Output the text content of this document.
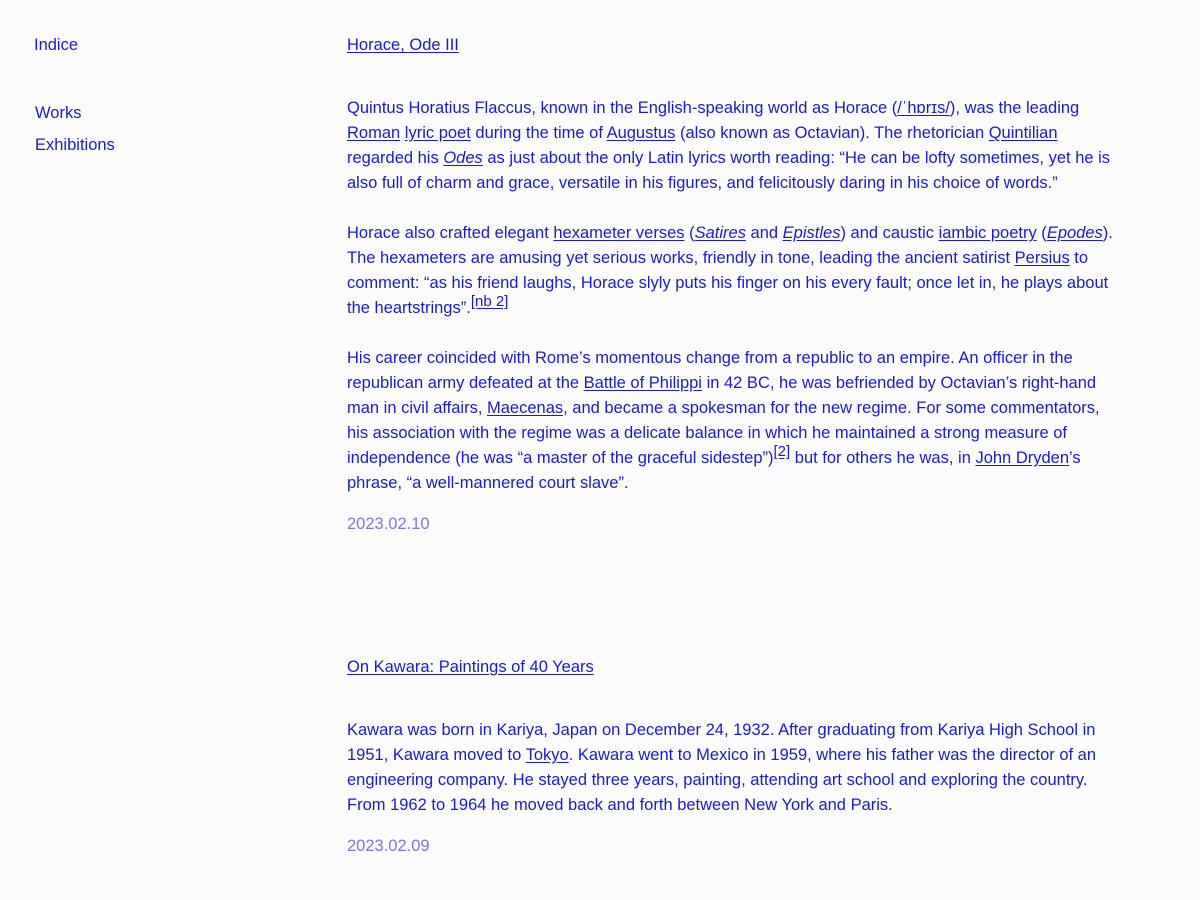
Indice
Works
Exhibitions
Horace, Ode III

Quintus Horatius Flaccus, known in the English-speaking world as Horace (/ˈhɒrɪs/), was the leading Roman lyric poet during the time of Augustus (also known as Octavian). The rhetorician Quintilian regarded his Odes as just about the only Latin lyrics worth reading: “He can be lofty sometimes, yet he is also full of charm and grace, versatile in his figures, and felicitously daring in his choice of words.”

Horace also crafted elegant hexameter verses (Satires and Epistles) and caustic iambic poetry (Epodes). The hexameters are amusing yet serious works, friendly in tone, leading the ancient satirist Persius to comment: “as his friend laughs, Horace slyly puts his finger on his every fault; once let in, he plays about the heartstrings”.[nb 2]

His career coincided with Rome’s momentous change from a republic to an empire. An officer in the republican army defeated at the Battle of Philippi in 42 BC, he was befriended by Octavian’s right-hand man in civil affairs, Maecenas, and became a spokesman for the new regime. For some commentators, his association with the regime was a delicate balance in which he maintained a strong measure of independence (he was “a master of the graceful sidestep”)[2] but for others he was, in John Dryden’s phrase, “a well-mannered court slave”.

2023.02.10
On Kawara: Paintings of 40 Years

Kawara was born in Kariya, Japan on December 24, 1932. After graduating from Kariya High School in 1951, Kawara moved to Tokyo. Kawara went to Mexico in 1959, where his father was the director of an engineering company. He stayed three years, painting, attending art school and exploring the country. From 1962 to 1964 he moved back and forth between New York and Paris.

2023.02.09
